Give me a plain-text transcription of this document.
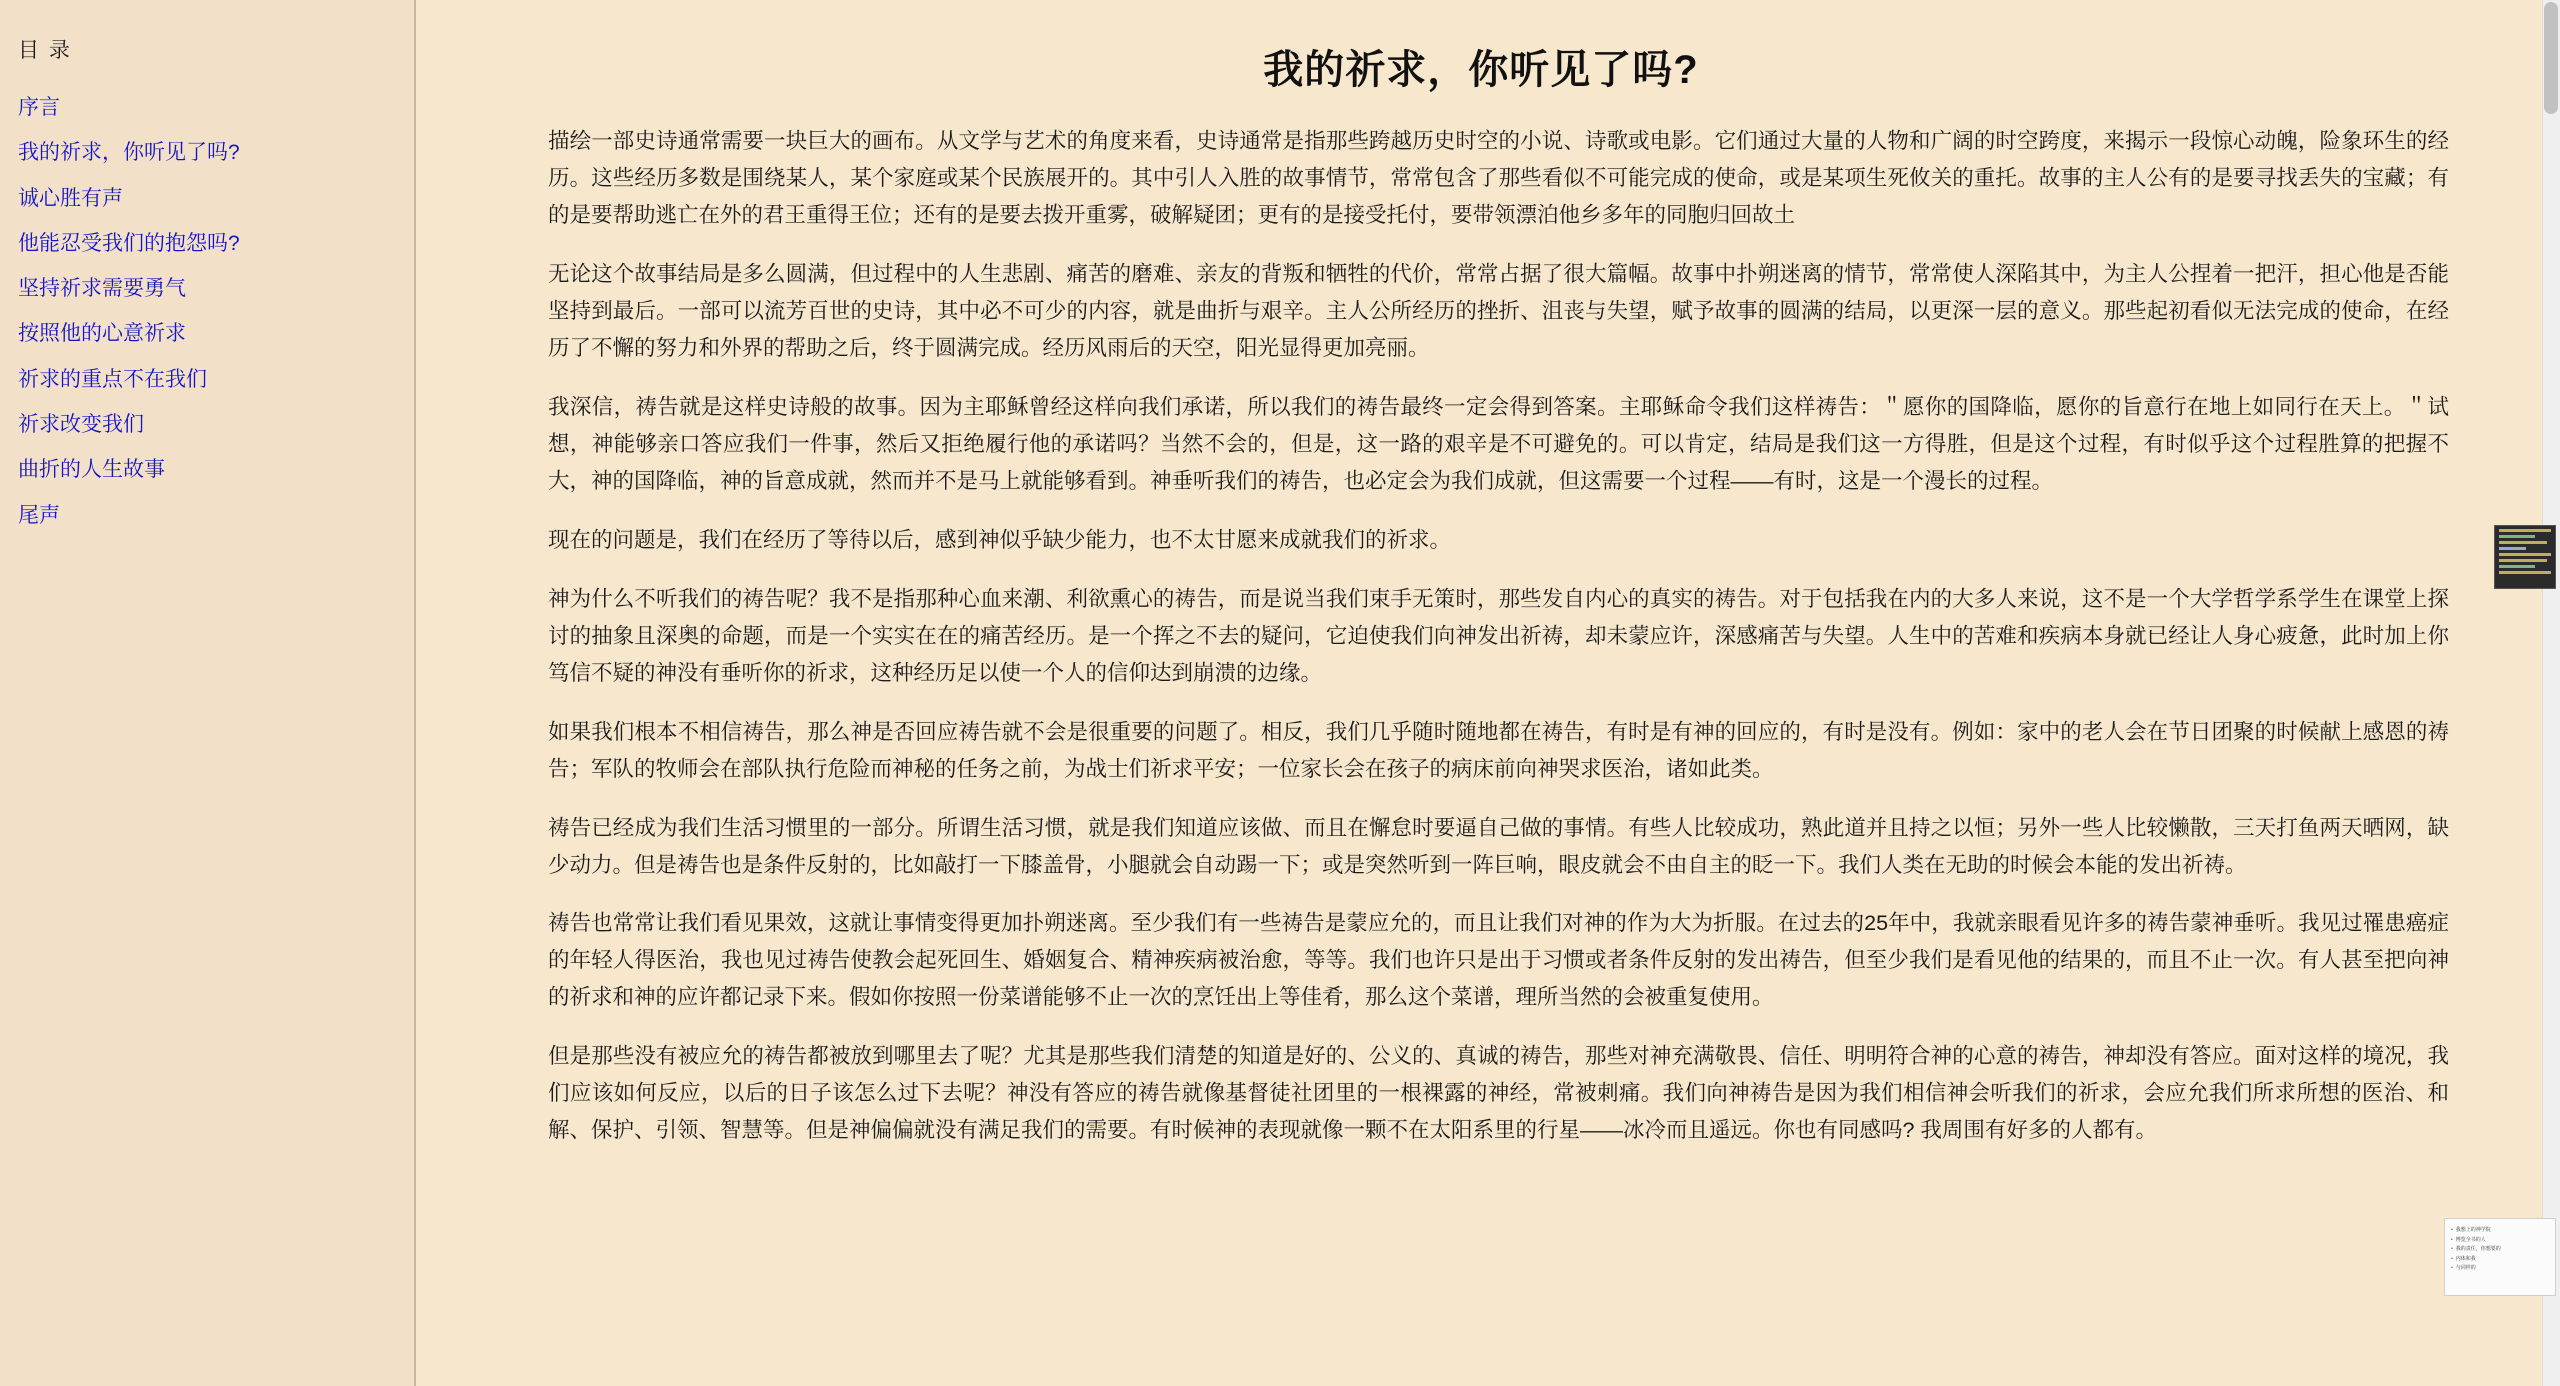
目 录
序言
我的祈求，你听见了吗?
诚心胜有声
他能忍受我们的抱怨吗?
坚持祈求需要勇气
按照他的心意祈求
祈求的重点不在我们
祈求改变我们
曲折的人生故事
尾声
我的祈求，你听见了吗?

描绘一部史诗通常需要一块巨大的画布。从文学与艺术的角度来看，史诗通常是指那些跨越历史时空的小说、诗歌或电影。它们通过大量的人物和广阔的时空跨度，来揭示一段惊心动魄，险象环生的经历。这些经历多数是围绕某人，某个家庭或某个民族展开的。其中引人入胜的故事情节，常常包含了那些看似不可能完成的使命，或是某项生死攸关的重托。故事的主人公有的是要寻找丢失的宝藏；有的是要帮助逃亡在外的君王重得王位；还有的是要去拨开重雾，破解疑团；更有的是接受托付，要带领漂泊他乡多年的同胞归回故土

无论这个故事结局是多么圆满，但过程中的人生悲剧、痛苦的磨难、亲友的背叛和牺牲的代价，常常占据了很大篇幅。故事中扑朔迷离的情节，常常使人深陷其中，为主人公捏着一把汗，担心他是否能坚持到最后。一部可以流芳百世的史诗，其中必不可少的内容，就是曲折与艰辛。主人公所经历的挫折、沮丧与失望，赋予故事的圆满的结局，以更深一层的意义。那些起初看似无法完成的使命，在经历了不懈的努力和外界的帮助之后，终于圆满完成。经历风雨后的天空，阳光显得更加亮丽。

我深信，祷告就是这样史诗般的故事。因为主耶稣曾经这样向我们承诺，所以我们的祷告最终一定会得到答案。主耶稣命令我们这样祷告：＂愿你的国降临，愿你的旨意行在地上如同行在天上。＂试想，神能够亲口答应我们一件事，然后又拒绝履行他的承诺吗？当然不会的，但是，这一路的艰辛是不可避免的。可以肯定，结局是我们这一方得胜，但是这个过程，有时似乎这个过程胜算的把握不大，神的国降临，神的旨意成就，然而并不是马上就能够看到。神垂听我们的祷告，也必定会为我们成就，但这需要一个过程——有时，这是一个漫长的过程。

现在的问题是，我们在经历了等待以后，感到神似乎缺少能力，也不太甘愿来成就我们的祈求。

神为什么不听我们的祷告呢？我不是指那种心血来潮、利欲熏心的祷告，而是说当我们束手无策时，那些发自内心的真实的祷告。对于包括我在内的大多人来说，这不是一个大学哲学系学生在课堂上探讨的抽象且深奥的命题，而是一个实实在在的痛苦经历。是一个挥之不去的疑问，它迫使我们向神发出祈祷，却未蒙应许，深感痛苦与失望。人生中的苦难和疾病本身就已经让人身心疲惫，此时加上你笃信不疑的神没有垂听你的祈求，这种经历足以使一个人的信仰达到崩溃的边缘。

如果我们根本不相信祷告，那么神是否回应祷告就不会是很重要的问题了。相反，我们几乎随时随地都在祷告，有时是有神的回应的，有时是没有。例如：家中的老人会在节日团聚的时候献上感恩的祷告；军队的牧师会在部队执行危险而神秘的任务之前，为战士们祈求平安；一位家长会在孩子的病床前向神哭求医治，诸如此类。

祷告已经成为我们生活习惯里的一部分。所谓生活习惯，就是我们知道应该做、而且在懈怠时要逼自己做的事情。有些人比较成功，熟此道并且持之以恒；另外一些人比较懒散，三天打鱼两天晒网，缺少动力。但是祷告也是条件反射的，比如敲打一下膝盖骨，小腿就会自动踢一下；或是突然听到一阵巨响，眼皮就会不由自主的眨一下。我们人类在无助的时候会本能的发出祈祷。

祷告也常常让我们看见果效，这就让事情变得更加扑朔迷离。至少我们有一些祷告是蒙应允的，而且让我们对神的作为大为折服。在过去的25年中，我就亲眼看见许多的祷告蒙神垂听。我见过罹患癌症的年轻人得医治，我也见过祷告使教会起死回生、婚姻复合、精神疾病被治愈，等等。我们也许只是出于习惯或者条件反射的发出祷告，但至少我们是看见他的结果的，而且不止一次。有人甚至把向神的祈求和神的应许都记录下来。假如你按照一份菜谱能够不止一次的烹饪出上等佳肴，那么这个菜谱，理所当然的会被重复使用。

但是那些没有被应允的祷告都被放到哪里去了呢？尤其是那些我们清楚的知道是好的、公义的、真诚的祷告，那些对神充满敬畏、信任、明明符合神的心意的祷告，神却没有答应。面对这样的境况，我们应该如何反应，以后的日子该怎么过下去呢？神没有答应的祷告就像基督徒社团里的一根裸露的神经，常被刺痛。我们向神祷告是因为我们相信神会听我们的祈求，会应允我们所求所想的医治、和解、保护、引领、智慧等。但是神偏偏就没有满足我们的需要。有时候神的表现就像一颗不在太阳系里的行星——冰冷而且遥远。你也有同感吗? 我周围有好多的人都有。

• 我想上的神学院
• 博览全书的人
• 我的责任，你想要的
• 内体和我
• 与同样的
